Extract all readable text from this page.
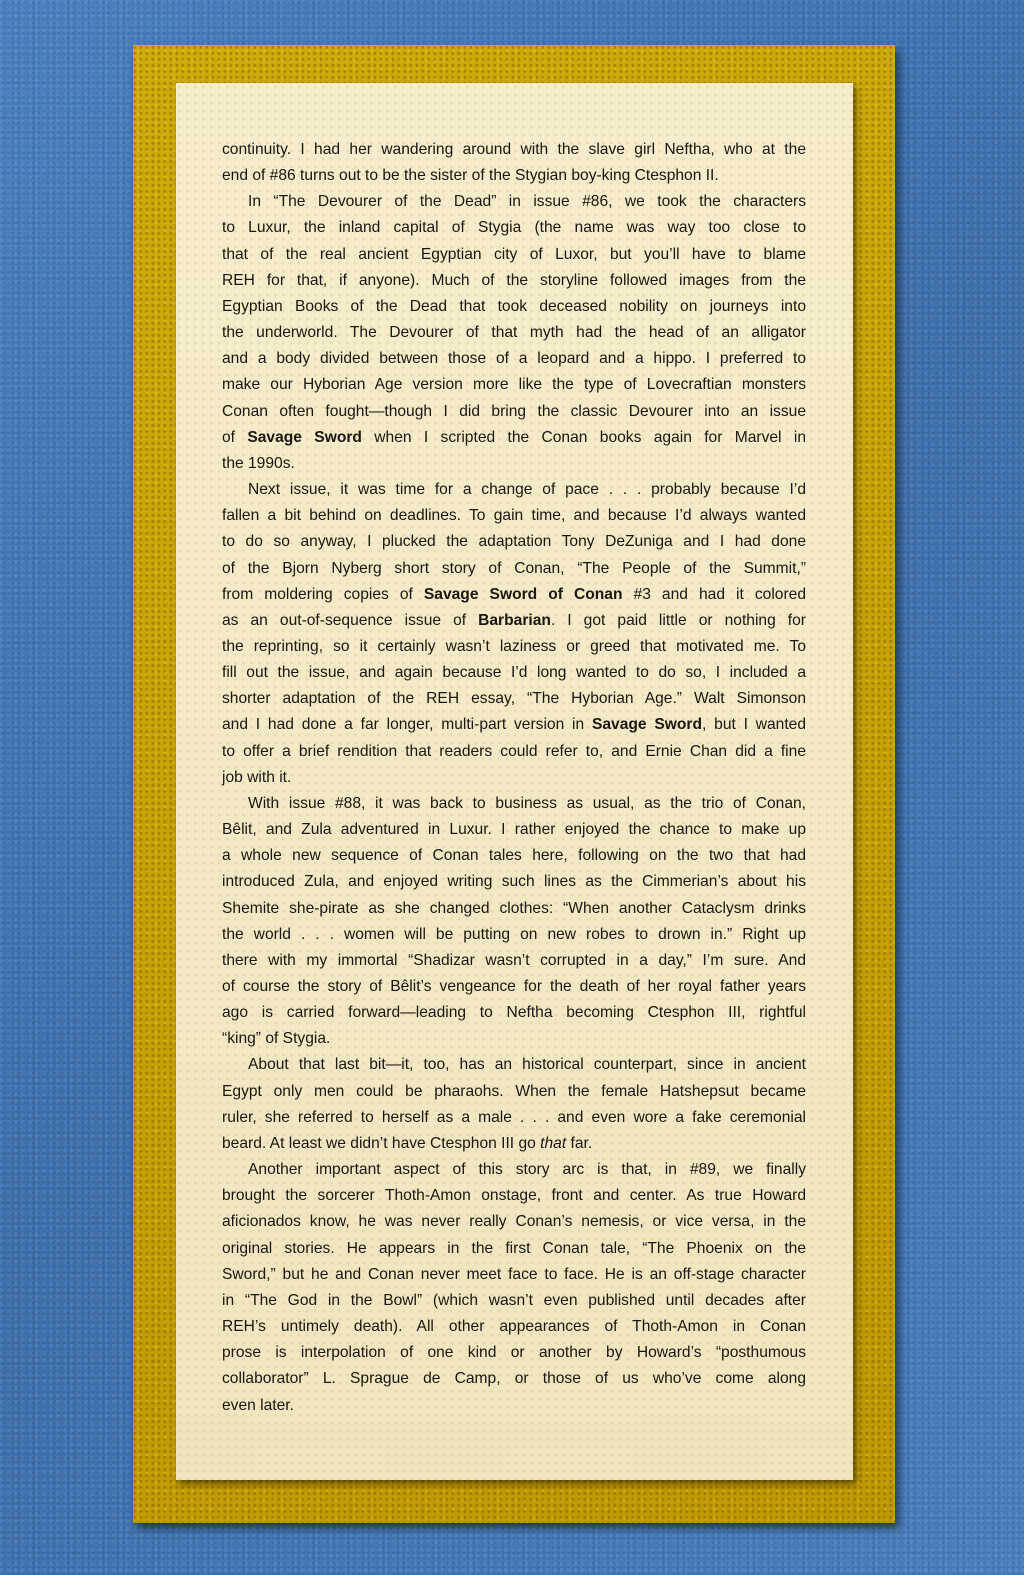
continuity. I had her wandering around with the slave girl Neftha, who at the
end of #86 turns out to be the sister of the Stygian boy-king Ctesphon II.
In “The Devourer of the Dead” in issue #86, we took the characters
to Luxur, the inland capital of Stygia (the name was way too close to
that of the real ancient Egyptian city of Luxor, but you’ll have to blame
REH for that, if anyone). Much of the storyline followed images from the
Egyptian Books of the Dead that took deceased nobility on journeys into
the underworld. The Devourer of that myth had the head of an alligator
and a body divided between those of a leopard and a hippo. I preferred to
make our Hyborian Age version more like the type of Lovecraftian monsters
Conan often fought—though I did bring the classic Devourer into an issue
of Savage Sword when I scripted the Conan books again for Marvel in
the 1990s.
Next issue, it was time for a change of pace . . . probably because I’d
fallen a bit behind on deadlines. To gain time, and because I’d always wanted
to do so anyway, I plucked the adaptation Tony DeZuniga and I had done
of the Bjorn Nyberg short story of Conan, “The People of the Summit,”
from moldering copies of Savage Sword of Conan #3 and had it colored
as an out-of-sequence issue of Barbarian. I got paid little or nothing for
the reprinting, so it certainly wasn’t laziness or greed that motivated me. To
fill out the issue, and again because I’d long wanted to do so, I included a
shorter adaptation of the REH essay, “The Hyborian Age.” Walt Simonson
and I had done a far longer, multi-part version in Savage Sword, but I wanted
to offer a brief rendition that readers could refer to, and Ernie Chan did a fine
job with it.
With issue #88, it was back to business as usual, as the trio of Conan,
Bêlit, and Zula adventured in Luxur. I rather enjoyed the chance to make up
a whole new sequence of Conan tales here, following on the two that had
introduced Zula, and enjoyed writing such lines as the Cimmerian’s about his
Shemite she-pirate as she changed clothes: “When another Cataclysm drinks
the world . . . women will be putting on new robes to drown in.” Right up
there with my immortal “Shadizar wasn’t corrupted in a day,” I’m sure. And
of course the story of Bêlit’s vengeance for the death of her royal father years
ago is carried forward—leading to Neftha becoming Ctesphon III, rightful
“king” of Stygia.
About that last bit—it, too, has an historical counterpart, since in ancient
Egypt only men could be pharaohs. When the female Hatshepsut became
ruler, she referred to herself as a male . . . and even wore a fake ceremonial
beard. At least we didn’t have Ctesphon III go that far.
Another important aspect of this story arc is that, in #89, we finally
brought the sorcerer Thoth-Amon onstage, front and center. As true Howard
aficionados know, he was never really Conan’s nemesis, or vice versa, in the
original stories. He appears in the first Conan tale, “The Phoenix on the
Sword,” but he and Conan never meet face to face. He is an off-stage character
in “The God in the Bowl” (which wasn’t even published until decades after
REH’s untimely death). All other appearances of Thoth-Amon in Conan
prose is interpolation of one kind or another by Howard’s “posthumous
collaborator” L. Sprague de Camp, or those of us who’ve come along
even later.
